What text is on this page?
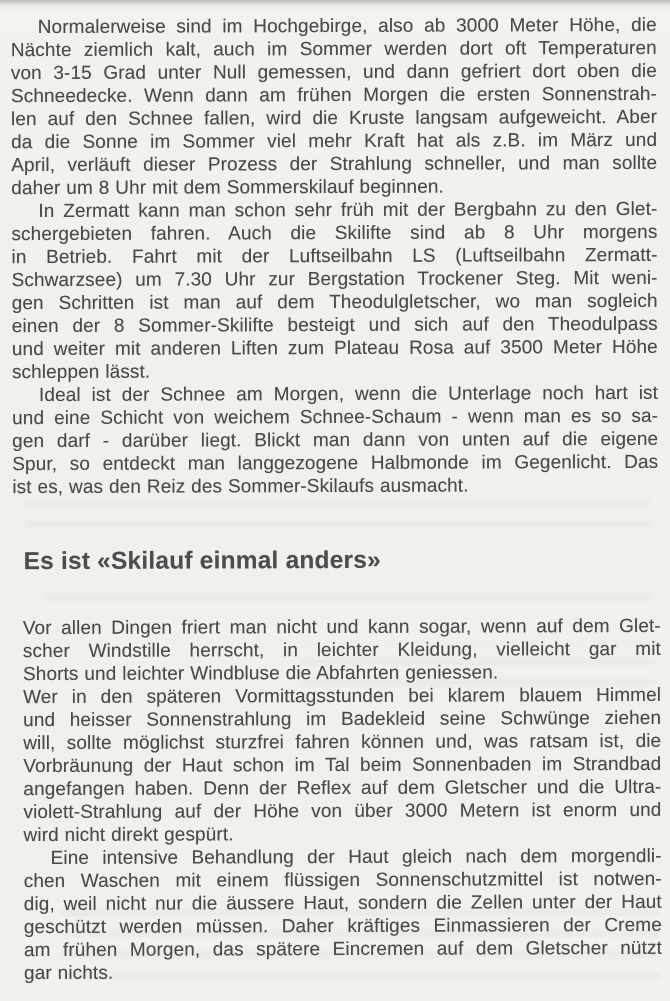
Normalerweise sind im Hochgebirge, also ab 3000 Meter Höhe, die
Nächte ziemlich kalt, auch im Sommer werden dort oft Temperaturen
von 3-15 Grad unter Null gemessen, und dann gefriert dort oben die
Schneedecke. Wenn dann am frühen Morgen die ersten Sonnenstrah-
len auf den Schnee fallen, wird die Kruste langsam aufgeweicht. Aber
da die Sonne im Sommer viel mehr Kraft hat als z.B. im März und
April, verläuft dieser Prozess der Strahlung schneller, und man sollte
daher um 8 Uhr mit dem Sommerskilauf beginnen.
In Zermatt kann man schon sehr früh mit der Bergbahn zu den Glet-
schergebieten fahren. Auch die Skilifte sind ab 8 Uhr morgens
in Betrieb. Fahrt mit der Luftseilbahn LS (Luftseilbahn Zermatt-
Schwarzsee) um 7.30 Uhr zur Bergstation Trockener Steg. Mit weni-
gen Schritten ist man auf dem Theodulgletscher, wo man sogleich
einen der 8 Sommer-Skilifte besteigt und sich auf den Theodulpass
und weiter mit anderen Liften zum Plateau Rosa auf 3500 Meter Höhe
schleppen lässt.
Ideal ist der Schnee am Morgen, wenn die Unterlage noch hart ist
und eine Schicht von weichem Schnee-Schaum - wenn man es so sa-
gen darf - darüber liegt. Blickt man dann von unten auf die eigene
Spur, so entdeckt man langgezogene Halbmonde im Gegenlicht. Das
ist es, was den Reiz des Sommer-Skilaufs ausmacht.
Es ist «Skilauf einmal anders»
Vor allen Dingen friert man nicht und kann sogar, wenn auf dem Glet-
scher Windstille herrscht, in leichter Kleidung, vielleicht gar mit
Shorts und leichter Windbluse die Abfahrten geniessen.
Wer in den späteren Vormittagsstunden bei klarem blauem Himmel
und heisser Sonnenstrahlung im Badekleid seine Schwünge ziehen
will, sollte möglichst sturzfrei fahren können und, was ratsam ist, die
Vorbräunung der Haut schon im Tal beim Sonnenbaden im Strandbad
angefangen haben. Denn der Reflex auf dem Gletscher und die Ultra-
violett-Strahlung auf der Höhe von über 3000 Metern ist enorm und
wird nicht direkt gespürt.
Eine intensive Behandlung der Haut gleich nach dem morgendli-
chen Waschen mit einem flüssigen Sonnenschutzmittel ist notwen-
dig, weil nicht nur die äussere Haut, sondern die Zellen unter der Haut
geschützt werden müssen. Daher kräftiges Einmassieren der Creme
am frühen Morgen, das spätere Eincremen auf dem Gletscher nützt
gar nichts.
